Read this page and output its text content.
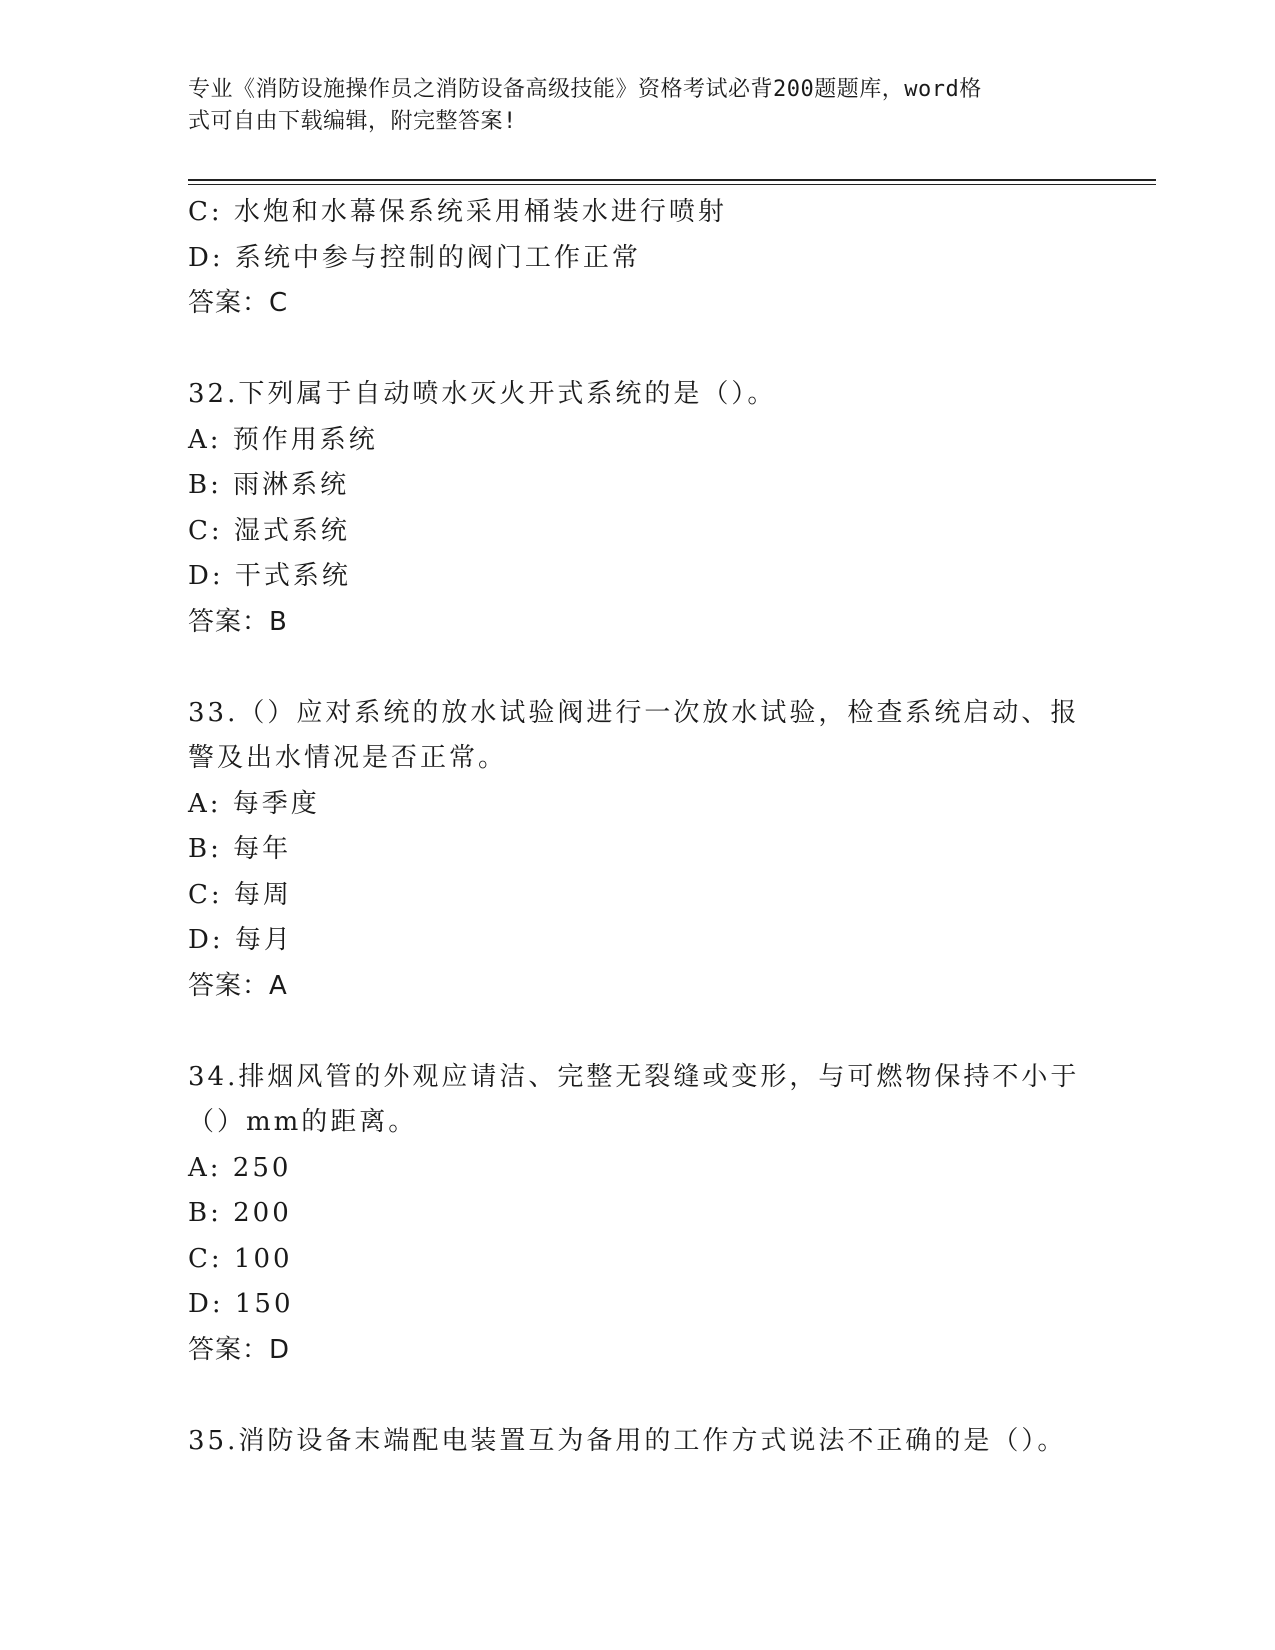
专业《消防设施操作员之消防设备高级技能》资格考试必背200题题库，word格
式可自由下载编辑，附完整答案!
C: 水炮和水幕保系统采用桶装水进行喷射
D: 系统中参与控制的阀门工作正常
答案：C
32.下列属于自动喷水灭火开式系统的是（）。
A: 预作用系统
B: 雨淋系统
C: 湿式系统
D: 干式系统
答案：B
33.（）应对系统的放水试验阀进行一次放水试验，检查系统启动、报
警及出水情况是否正常。
A: 每季度
B: 每年
C: 每周
D: 每月
答案：A
34.排烟风管的外观应请洁、完整无裂缝或变形，与可燃物保持不小于
（）mm的距离。
A: 250
B: 200
C: 100
D: 150
答案：D
35.消防设备末端配电装置互为备用的工作方式说法不正确的是（）。
